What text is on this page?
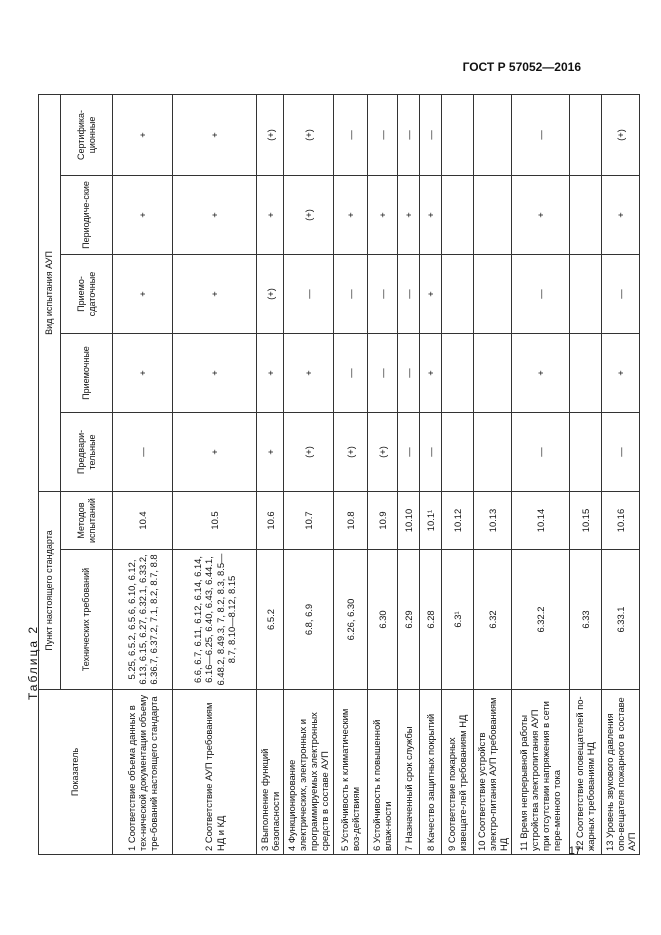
ГОСТ Р 57052—2016
Таблица 2
Показатель	Пункт настоящего стандарта		Вид испытания АУП				
	Технических требований	Методов испытаний	Предвари-тельные	Приемочные	Приемо-сдаточные	Периодиче-ские	Сертифика-ционные
1 Соответствие объема данных в тех-нической документации объему тре-бований настоящего стандарта	5.25, 6.5.2, 6.5.6, 6.10, 6.12, 6.13, 6.15, 6.27, 6.32.1, 6.33.2, 6.36.7, 6.37.2, 7.1, 8.2, 8.7, 8.8	10.4	—	+	+	+	+
2 Соответствие АУП требованиям НД и КД	6.6, 6.7, 6.11, 6.12, 6.14, 6.14, 6.16—6.25, 6.40, 6.43, 6.44.1, 6.48.2, 8.49.3, 7, 8.2, 8.3, 8.5—8.7, 8.10—8.12, 8.15	10.5	+	+	+	+	+
3 Выполнение функций безопасности	6.5.2	10.6	+	+	(+)	+	(+)
4 Функционирование электрических, электронных и программируемых электронных средств в составе АУП	6.8, 6.9	10.7	(+)	+	—	(+)	(+)
5 Устойчивость к климатическим воз-действиям	6.26, 6.30	10.8	(+)	—	—	+	—
6 Устойчивость к повышенной влаж-ности	6.30	10.9	(+)	—	—	+	—
7 Назначенный срок службы	6.29	10.10	—	—	—	+	—
8 Качество защитных покрытий	6.28	10.1¹	—	+	+	+	—
9 Соответствие пожарных извещате-лей требованиям НД	6.3¹	10.12					
10 Соответствие устройств электро-питания АУП требованиям НД	6.32	10.13					
11 Время непрерывной работы устройства электропитания АУП при отсутствии напряжения в сети пере-менного тока	6.32.2	10.14	—	+	—	+	—
12 Соответствие оповещателей по-жарных требованиям НД	6.33	10.15					
13 Уровень звукового давления опо-вещателя пожарного в составе АУП	6.33.1	10.16	—	+	—	+	(+)
17
